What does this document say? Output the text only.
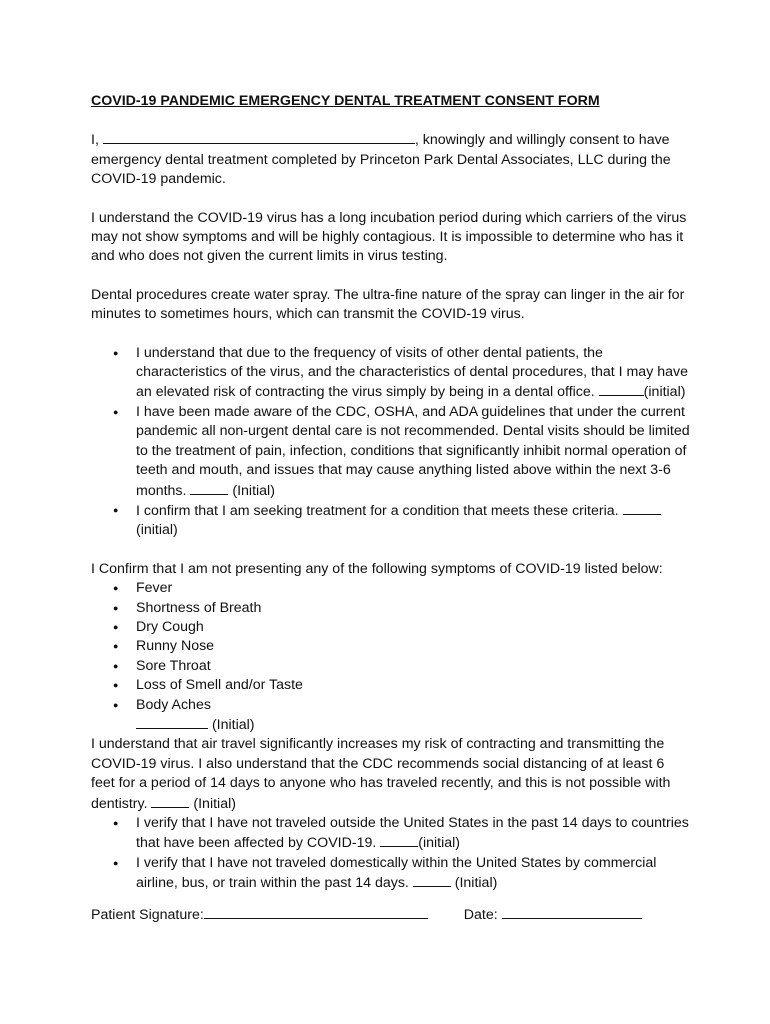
COVID-19 PANDEMIC EMERGENCY DENTAL TREATMENT CONSENT FORM

I,	, knowingly and willingly consent to have emergency dental treatment completed by Princeton Park Dental Associates, LLC during the COVID-19 pandemic.

I understand the COVID-19 virus has a long incubation period during which carriers of the virus may not show symptoms and will be highly contagious. It is impossible to determine who has it and who does not given the current limits in virus testing.

Dental procedures create water spray. The ultra-fine nature of the spray can linger in the air for minutes to sometimes hours, which can transmit the COVID-19 virus.

● I understand that due to the frequency of visits of other dental patients, the characteristics of the virus, and the characteristics of dental procedures, that I may have an elevated risk of contracting the virus simply by being in a dental office.	(initial)
● I have been made aware of the CDC, OSHA, and ADA guidelines that under the current pandemic all non-urgent dental care is not recommended. Dental visits should be limited to the treatment of pain, infection, conditions that significantly inhibit normal operation of teeth and mouth, and issues that may cause anything listed above within the next 3-6 months.	(Initial)
● I confirm that I am seeking treatment for a condition that meets these criteria. (initial)
I Confirm that I am not presenting any of the following symptoms of COVID-19 listed below:
● Fever
● Shortness of Breath
● Dry Cough
● Runny Nose
● Sore Throat
● Loss of Smell and/or Taste
● Body Aches
(Initial)
I understand that air travel significantly increases my risk of contracting and transmitting the COVID-19 virus. I also understand that the CDC recommends social distancing of at least 6 feet for a period of 14 days to anyone who has traveled recently, and this is not possible with dentistry.	(Initial)
● I verify that I have not traveled outside the United States in the past 14 days to countries that have been affected by COVID-19.	(initial)
● I verify that I have not traveled domestically within the United States by commercial airline, bus, or train within the past 14 days.	(Initial)
Patient Signature:	Date:
